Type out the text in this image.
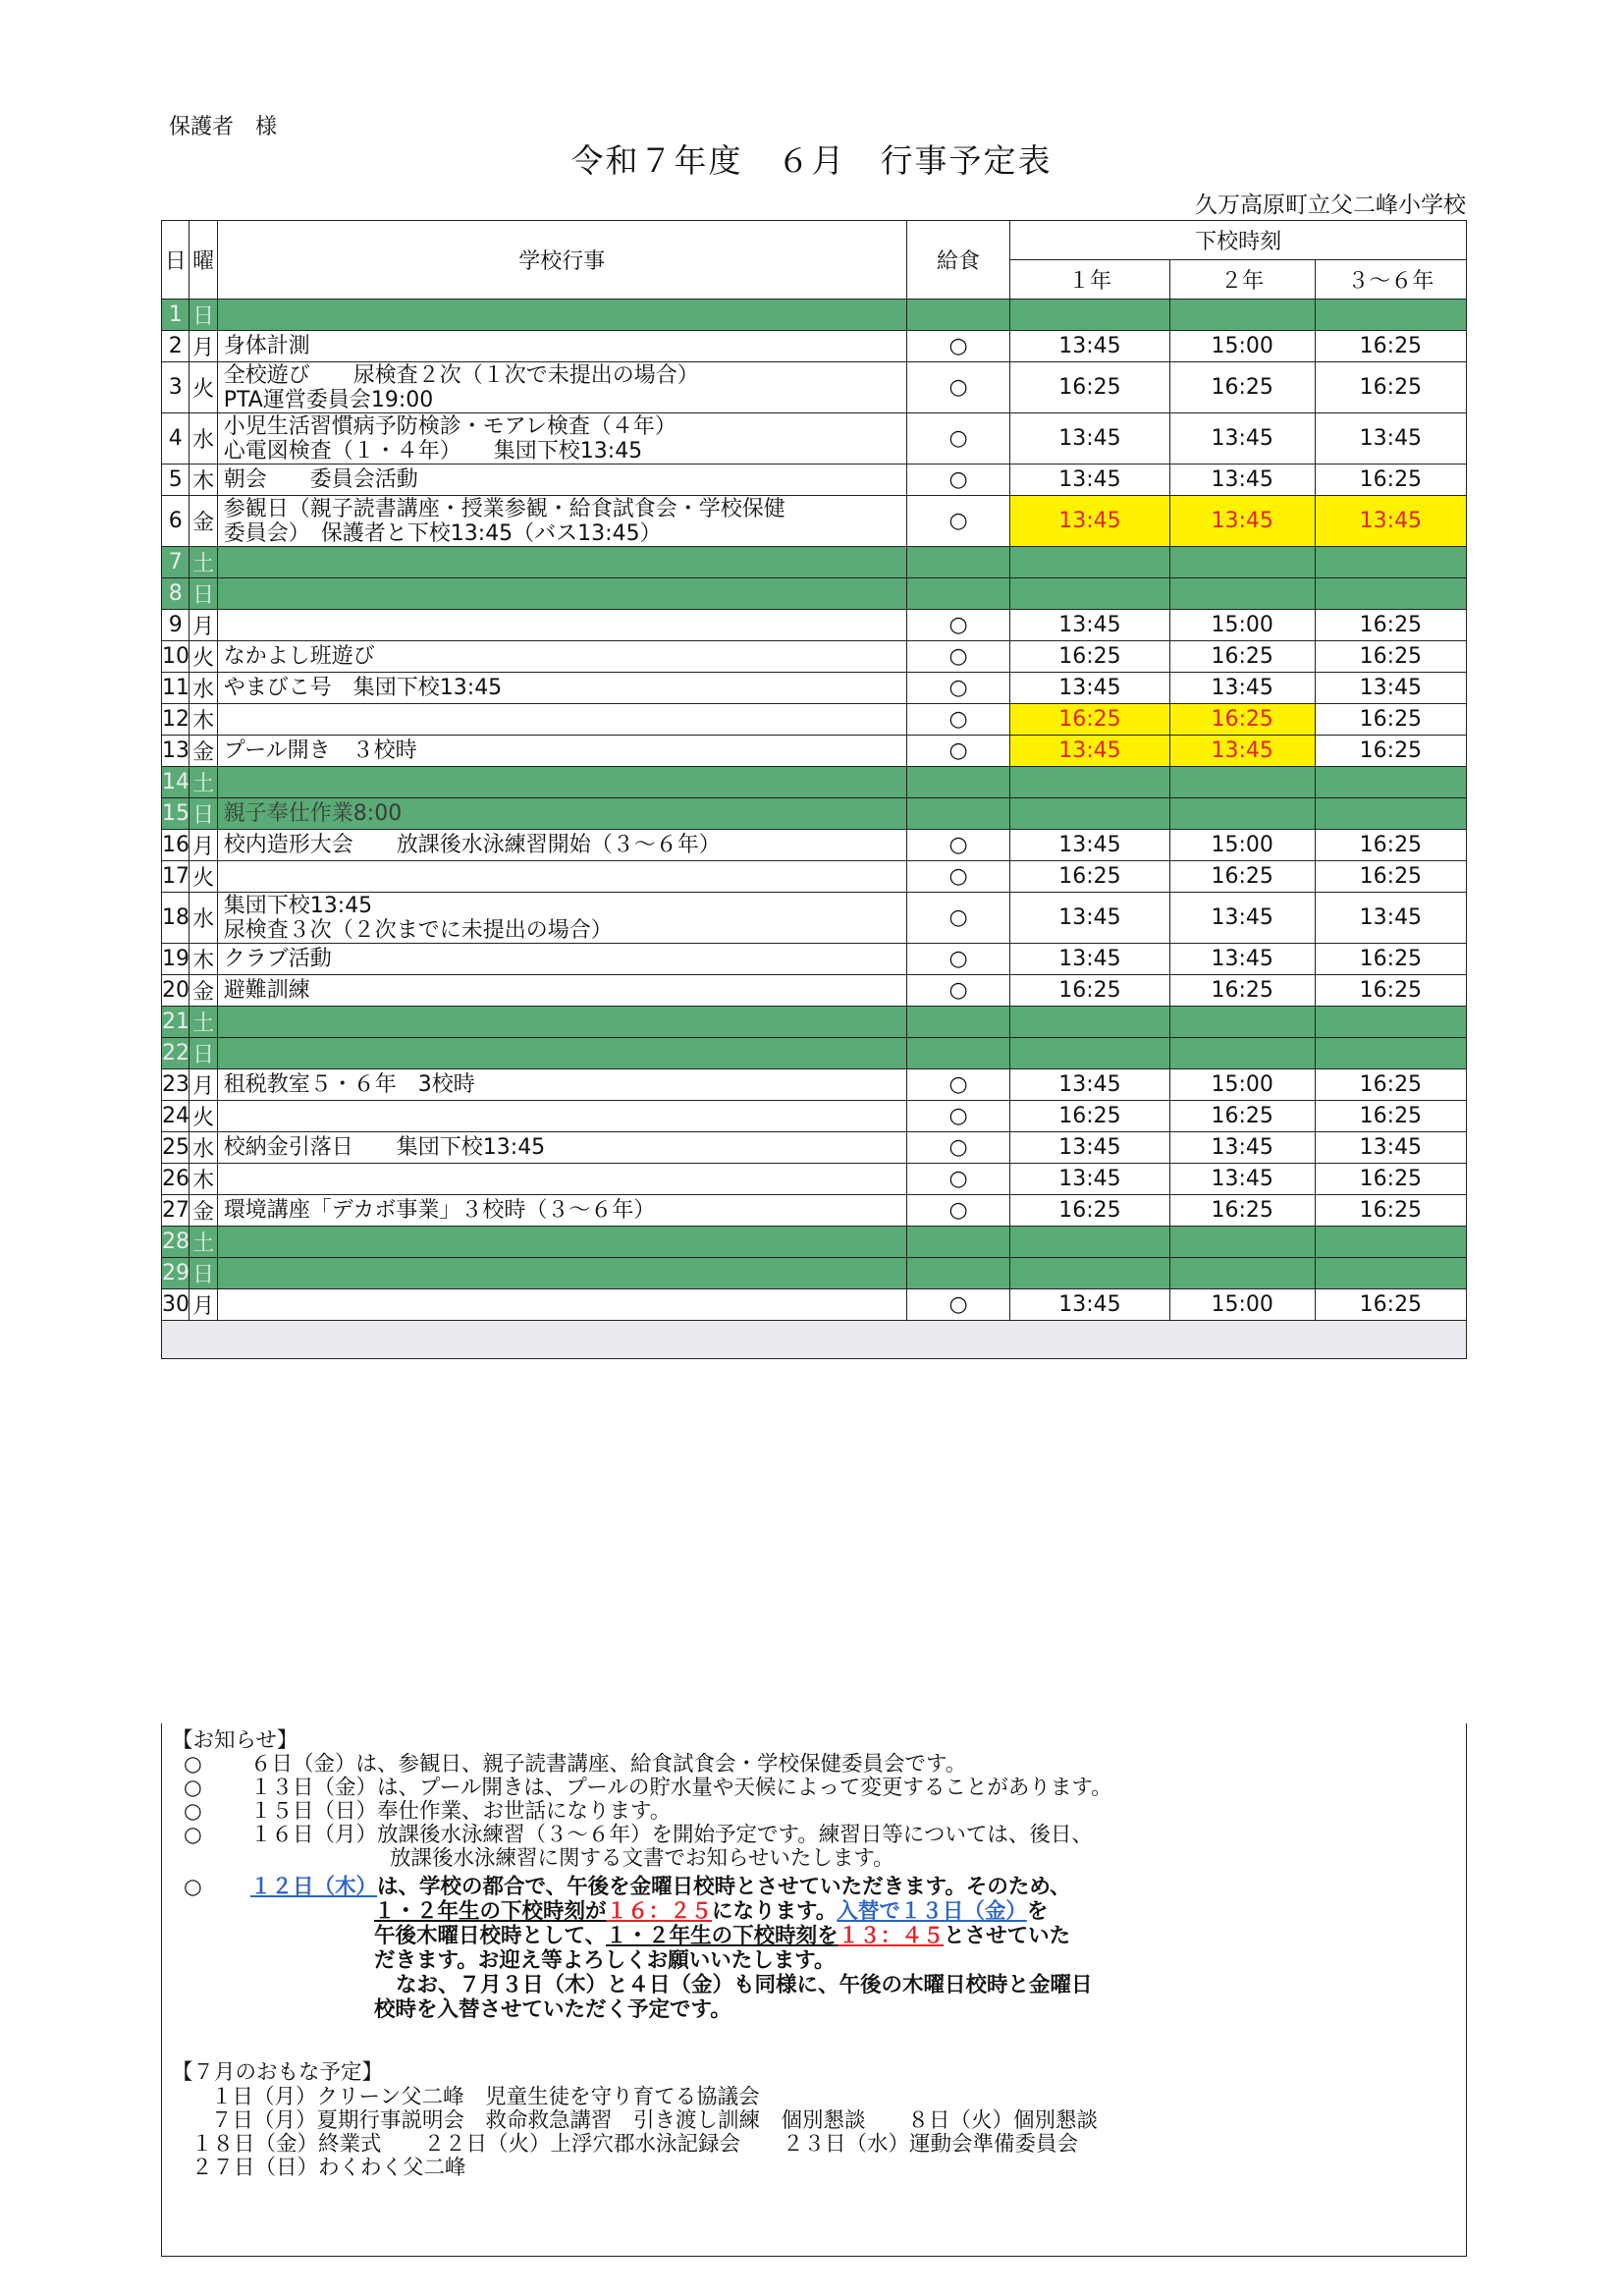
保護者　様
令和７年度　６月　行事予定表
久万高原町立父二峰小学校
日	曜	学校行事	給食	下校時刻		
				１年	２年	３～６年
1	日	

2	月	身体計測	○	13:45	15:00	16:25
3	火	全校遊び　　尿検査２次（１次で未提出の場合）
PTA運営委員会19:00	○	16:25	16:25	16:25
4	水	小児生活習慣病予防検診・モアレ検査（４年）
心電図検査（１・４年）　　集団下校13:45	○	13:45	13:45	13:45
5	木	朝会　　委員会活動	○	13:45	13:45	16:25
6	金	参観日（親子読書講座・授業参観・給食試食会・学校保健
委員会）　保護者と下校13:45（バス13:45）	○	13:45	13:45	13:45
7	土	

8	日	

9	月		○	13:45	15:00	16:25
10	火	なかよし班遊び	○	16:25	16:25	16:25
11	水	やまびこ号　集団下校13:45	○	13:45	13:45	13:45
12	木		○	16:25	16:25	16:25
13	金	プール開き　３校時	○	13:45	13:45	16:25
14	土	

15	日	親子奉仕作業8:00				

16	月	校内造形大会　　放課後水泳練習開始（３～６年）	○	13:45	15:00	16:25
17	火		○	16:25	16:25	16:25
18	水	集団下校13:45
尿検査３次（２次までに未提出の場合）	○	13:45	13:45	13:45
19	木	クラブ活動	○	13:45	13:45	16:25
20	金	避難訓練	○	16:25	16:25	16:25
21	土	

22	日	

23	月	租税教室５・６年　3校時	○	13:45	15:00	16:25
24	火		○	16:25	16:25	16:25
25	水	校納金引落日　　集団下校13:45	○	13:45	13:45	13:45
26	木		○	13:45	13:45	16:25
27	金	環境講座「デカボ事業」３校時（３～６年）	○	16:25	16:25	16:25
28	土	

29	日	

30	月		○	13:45	15:00	16:25

【お知らせ】
○ ６日（金）は、参観日、親子読書講座、給食試食会・学校保健委員会です。
○ １３日（金）は、プール開きは、プールの貯水量や天候によって変更することがあります。
○ １５日（日）奉仕作業、お世話になります。
○ １６日（月）放課後水泳練習（３～６年）を開始予定です。練習日等については、後日、
放課後水泳練習に関する文書でお知らせいたします。
○ １２日（木）は、学校の都合で、午後を金曜日校時とさせていただきます。そのため、
１・２年生の下校時刻が１６：２５になります。入替で１３日（金）を
午後木曜日校時として、１・２年生の下校時刻を１３：４５とさせていた
だきます。お迎え等よろしくお願いいたします。
なお、７月３日（木）と４日（金）も同様に、午後の木曜日校時と金曜日
校時を入替させていただく予定です。
【７月のおもな予定】
１日（月）クリーン父二峰　児童生徒を守り育てる協議会
７日（月）夏期行事説明会　救命救急講習　引き渡し訓練　個別懇談　　８日（火）個別懇談
１８日（金）終業式　　２２日（火）上浮穴郡水泳記録会　　２３日（水）運動会準備委員会
２７日（日）わくわく父二峰
